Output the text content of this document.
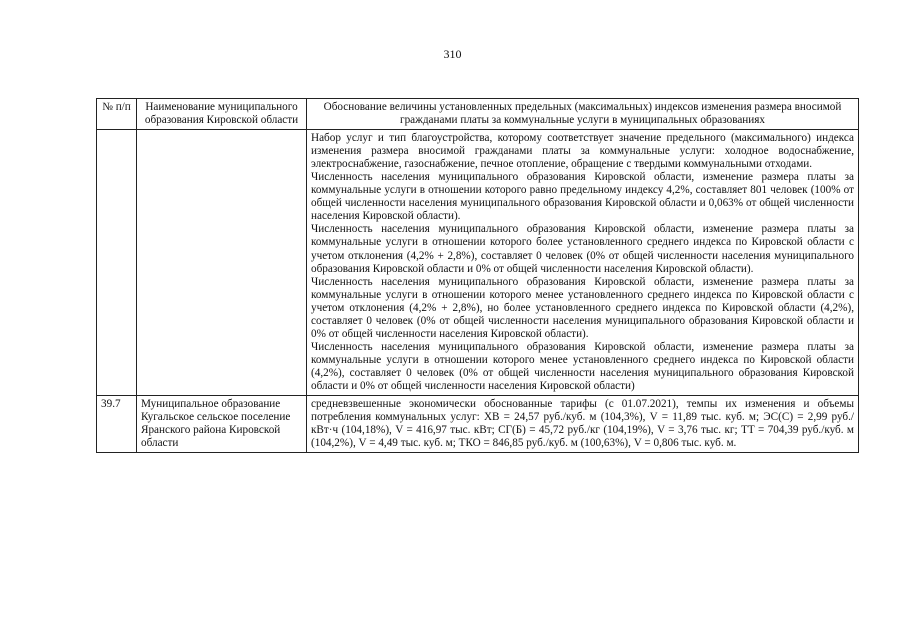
310
№ п/п	Наименование муниципального образования Кировской области	Обоснование величины установленных предельных (максимальных) индексов изменения размера вносимой гражданами платы за коммунальные услуги в муниципальных образованиях

		Набор услуг и тип благоустройства, которому соответствует значение предельного (максимального) индекса изменения размера вносимой гражданами платы за коммунальные услуги: холодное водоснабжение, электроснабжение, газоснабжение, печное отопление, обращение с твердыми коммунальными отходами.

Численность населения муниципального образования Кировской области, изменение размера платы за коммунальные услуги в отношении которого равно предельному индексу 4,2%, составляет 801 человек (100% от общей численности населения муниципального образования Кировской области и 0,063% от общей численности населения Кировской области).

Численность населения муниципального образования Кировской области, изменение размера платы за коммунальные услуги в отношении которого более установленного среднего индекса по Кировской области с учетом отклонения (4,2% + 2,8%), составляет 0 человек (0% от общей численности населения муниципального образования Кировской области и 0% от общей численности населения Кировской области).

Численность населения муниципального образования Кировской области, изменение размера платы за коммунальные услуги в отношении которого менее установленного среднего индекса по Кировской области с учетом отклонения (4,2% + 2,8%), но более установленного среднего индекса по Кировской области (4,2%), составляет 0 человек (0% от общей численности населения муниципального образования Кировской области и 0% от общей численности населения Кировской области).

Численность населения муниципального образования Кировской области, изменение размера платы за коммунальные услуги в отношении которого менее установленного среднего индекса по Кировской области (4,2%), составляет 0 человек (0% от общей численности населения муниципального образования Кировской области и 0% от общей численности населения Кировской области)

39.7	Муниципальное образование Кугальское сельское поселение Яранского района Кировской области	средневзвешенные экономически обоснованные тарифы (с 01.07.2021), темпы их изменения и объемы потребления коммунальных услуг: ХВ = 24,57 руб./куб. м (104,3%), V = 11,89 тыс. куб. м; ЭС(С) = 2,99 руб./кВт·ч (104,18%), V = 416,97 тыс. кВт; СГ(Б) = 45,72 руб./кг (104,19%), V = 3,76 тыс. кг; ТТ = 704,39 руб./куб. м (104,2%), V = 4,49 тыс. куб. м; ТКО = 846,85 руб./куб. м (100,63%), V = 0,806 тыс. куб. м.
